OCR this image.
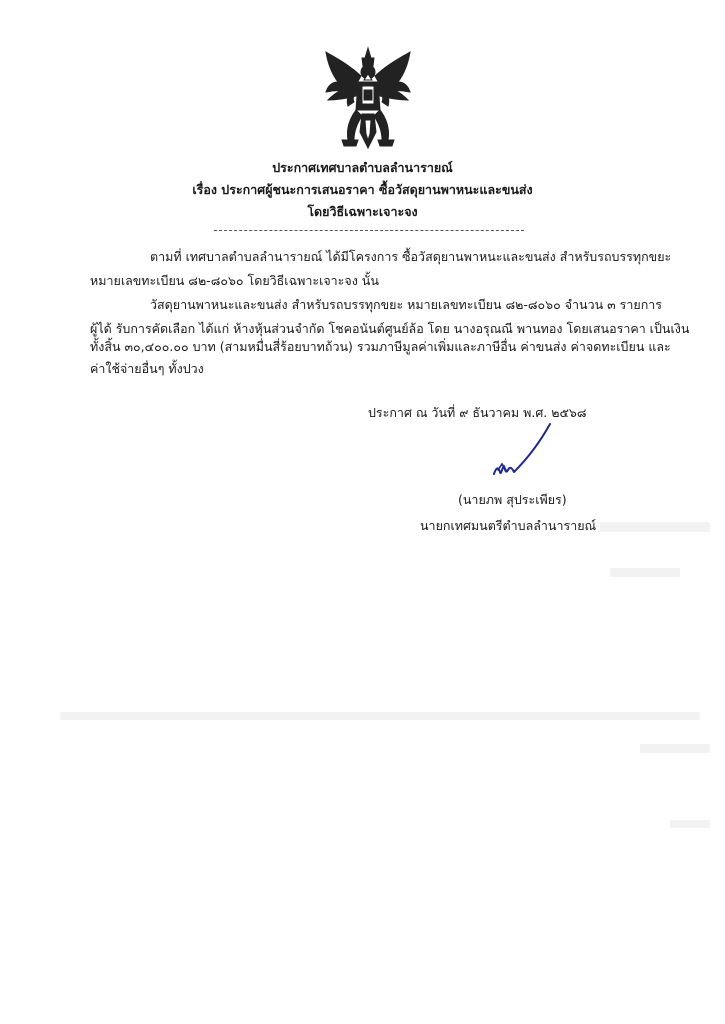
ประกาศเทศบาลตำบลลำนาราย​ณ์
เรื่อง ประกาศผู้ชนะการเสนอราคา ซื้อวัสดุยานพาหนะและขนส่ง
โดยวิธีเฉพาะเจาะจง
ตามที่ เทศบาลตำบลลำนาราย​ณ์ ได้มีโครงการ ซื้อวัสดุยานพาหนะและขนส่ง สำหรับรถบรรทุกขยะ
หมายเลขทะเบียน ๘๒-๘๐๖๐ โดยวิธีเฉพาะเจาะจง นั้น
วัสดุยานพาหนะและขนส่ง สำหรับรถบรรทุกขยะ หมายเลขทะเบียน ๘๒-๘๐๖๐ จำนวน ๓ รายการ
ผู้ได้ รับการคัดเลือก ได้แก่ ห้างหุ้นส่วนจำกัด โชคอนันต์ศูนย์ล้อ โดย นางอรุณณี พานทอง โดยเสนอราคา เป็นเงิน
ทั้งสิ้น ๓๐,๔๐๐.๐๐ บาท (สามหมื่นสี่ร้อยบาทถ้วน) รวมภาษีมูลค่าเพิ่มและภาษีอื่น ค่าขนส่ง ค่าจดทะเบียน และ
ค่าใช้จ่ายอื่นๆ ทั้งปวง
ประกาศ ณ วันที่ ๙ ธันวาคม พ.ศ. ๒๕๖๘
(นายภพ สุประเพียร)
นายกเทศมนตรีตำบลลำนาราย​ณ์
